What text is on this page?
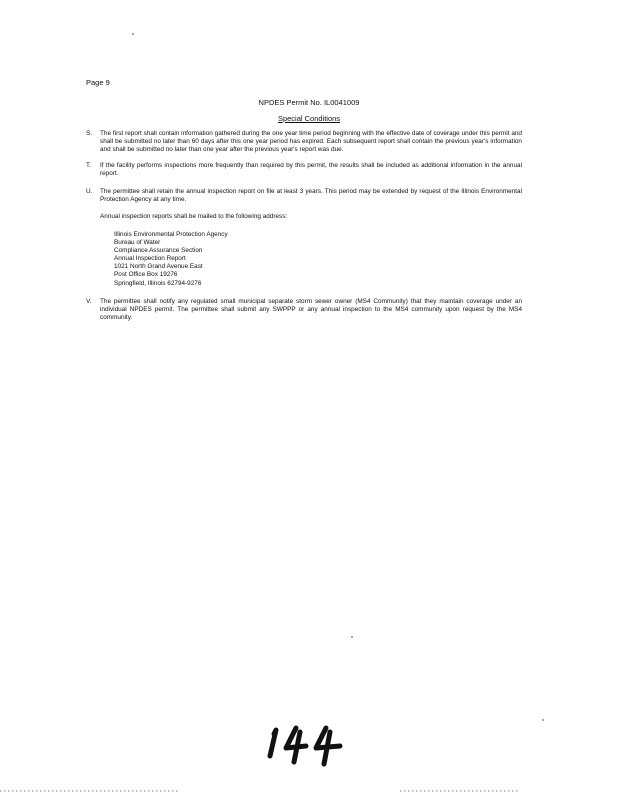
Page 9
NPDES Permit No. IL0041009
Special Conditions
S.	The first report shall contain information gathered during the one year time period beginning with the effective date of coverage under this permit and shall be submitted no later than 60 days after this one year period has expired. Each subsequent report shall contain the previous year's information and shall be submitted no later than one year after the previous year's report was due.
T.	If the facility performs inspections more frequently than required by this permit, the results shall be included as additional information in the annual report.
U.	The permittee shall retain the annual inspection report on file at least 3 years. This period may be extended by request of the Illinois Environmental Protection Agency at any time.
Annual inspection reports shall be mailed to the following address:
Illinois Environmental Protection Agency
Bureau of Water
Compliance Assurance Section
Annual Inspection Report
1021 North Grand Avenue East
Post Office Box 19276
Springfield, Illinois 62794-9276
V.	The permittee shall notify any regulated small municipal separate storm sewer owner (MS4 Community) that they maintain coverage under an individual NPDES permit. The permittee shall submit any SWPPP or any annual inspection to the MS4 community upon request by the MS4 community.
